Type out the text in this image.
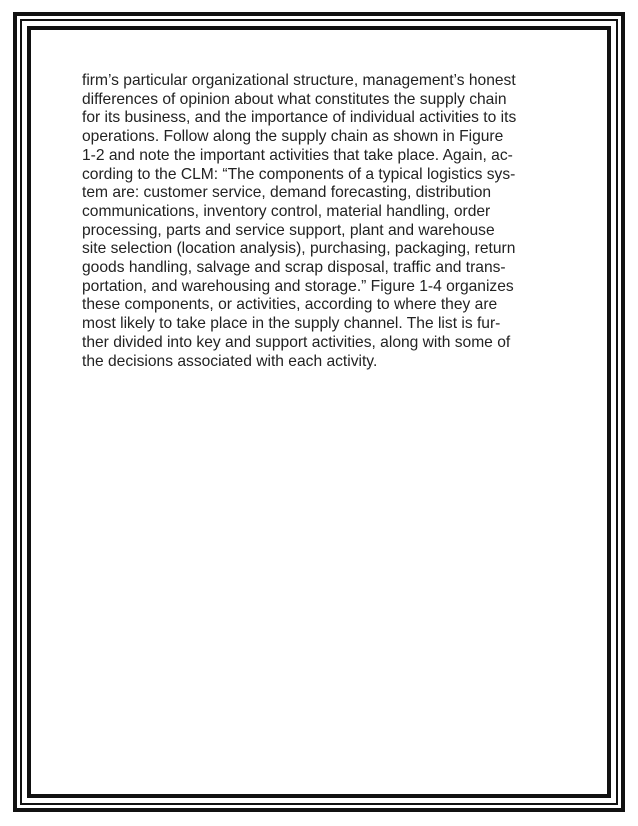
firm’s particular organizational structure, management’s honest
differences of opinion about what constitutes the supply chain
for its business, and the importance of individual activities to its
operations. Follow along the supply chain as shown in Figure
1-2 and note the important activities that take place. Again, ac-
cording to the CLM: “The components of a typical logistics sys-
tem are: customer service, demand forecasting, distribution
communications, inventory control, material handling, order
processing, parts and service support, plant and warehouse
site selection (location analysis), purchasing, packaging, return
goods handling, salvage and scrap disposal, traffic and trans-
portation, and warehousing and storage.” Figure 1-4 organizes
these components, or activities, according to where they are
most likely to take place in the supply channel. The list is fur-
ther divided into key and support activities, along with some of
the decisions associated with each activity.
